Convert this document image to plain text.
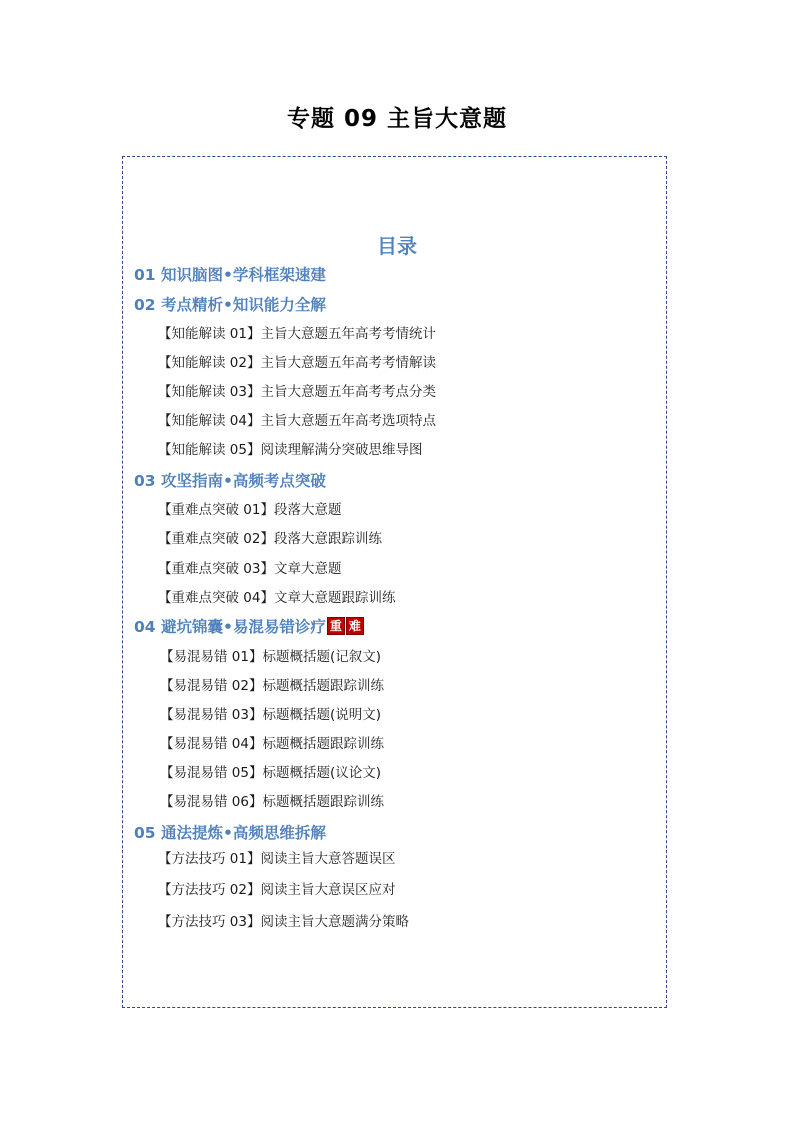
专题 09 主旨大意题
目录
01 知识脑图•学科框架速建
02 考点精析•知识能力全解
【知能解读 01】主旨大意题五年高考考情统计
【知能解读 02】主旨大意题五年高考考情解读
【知能解读 03】主旨大意题五年高考考点分类
【知能解读 04】主旨大意题五年高考选项特点
【知能解读 05】阅读理解满分突破思维导图
03 攻坚指南•高频考点突破
【重难点突破 01】段落大意题
【重难点突破 02】段落大意跟踪训练
【重难点突破 03】文章大意题
【重难点突破 04】文章大意题跟踪训练
04 避坑锦囊•易混易错诊疗 重 难
【易混易错 01】标题概括题(记叙文)
【易混易错 02】标题概括题跟踪训练
【易混易错 03】标题概括题(说明文)
【易混易错 04】标题概括题跟踪训练
【易混易错 05】标题概括题(议论文)
【易混易错 06】标题概括题跟踪训练
05 通法提炼•高频思维拆解
【方法技巧 01】阅读主旨大意答题误区
【方法技巧 02】阅读主旨大意误区应对
【方法技巧 03】阅读主旨大意题满分策略
